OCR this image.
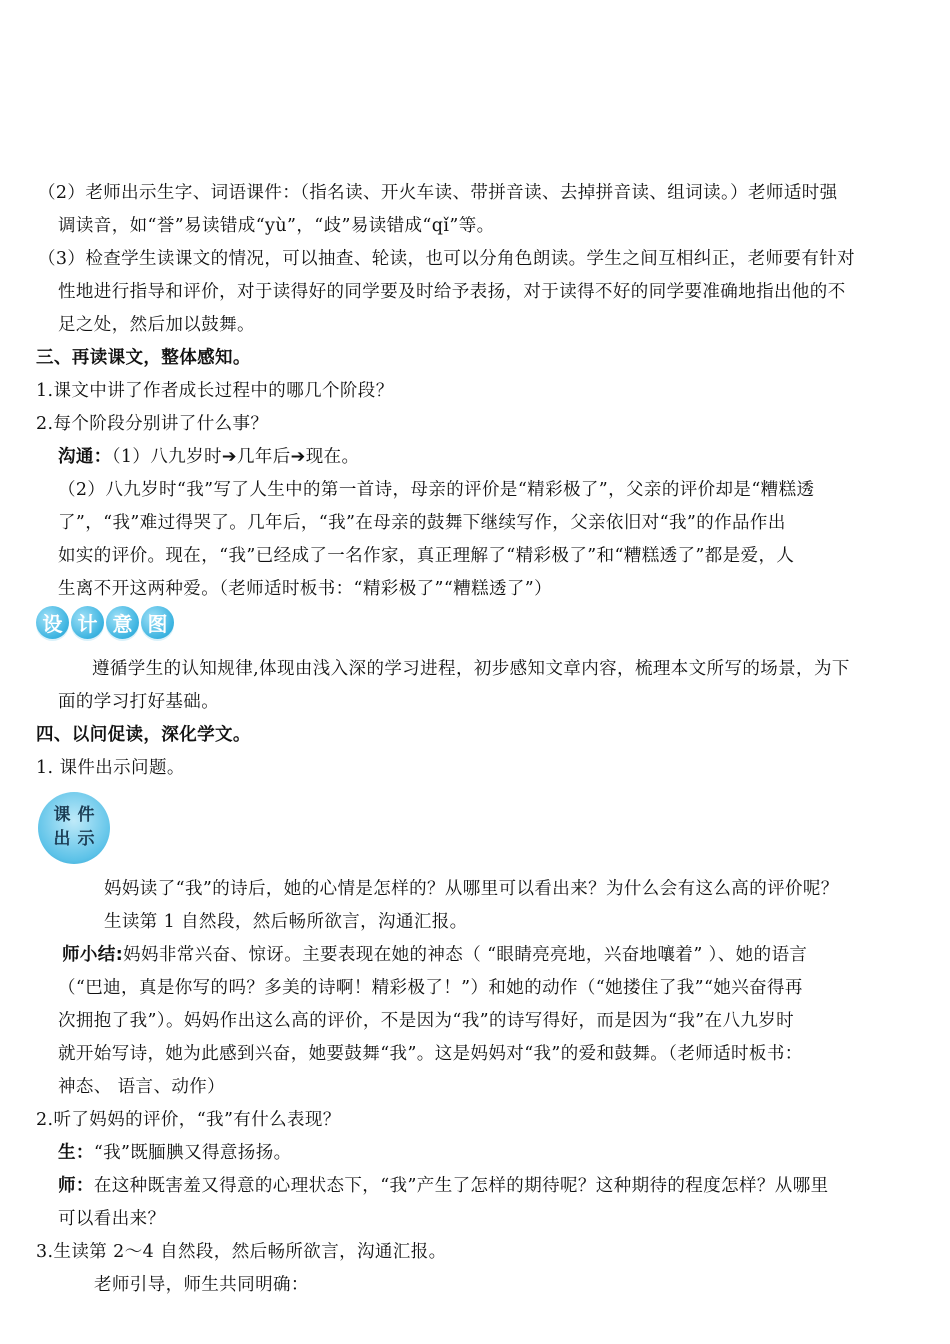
（2）老师出示生字、词语课件：（指名读、开火车读、带拼音读、去掉拼音读、组词读。）老师适时强
调读音，如“誉”易读错成“yù”，“歧”易读错成“qǐ”等。
（3）检查学生读课文的情况，可以抽查、轮读，也可以分角色朗读。学生之间互相纠正，老师要有针对
性地进行指导和评价，对于读得好的同学要及时给予表扬，对于读得不好的同学要准确地指出他的不
足之处，然后加以鼓舞。
三、再读课文，整体感知。
1.课文中讲了作者成长过程中的哪几个阶段？
2.每个阶段分别讲了什么事？
沟通：（1）八九岁时➔几年后➔现在。
（2）八九岁时“我”写了人生中的第一首诗，母亲的评价是“精彩极了”，父亲的评价却是“糟糕透
了”，“我”难过得哭了。几年后，“我”在母亲的鼓舞下继续写作，父亲依旧对“我”的作品作出
如实的评价。现在，“我”已经成了一名作家，真正理解了“精彩极了”和“糟糕透了”都是爱，人
生离不开这两种爱。（老师适时板书：“精彩极了”“糟糕透了”）
设 计 意 图
遵循学生的认知规律,体现由浅入深的学习进程，初步感知文章内容，梳理本文所写的场景，为下
面的学习打好基础。
四、以问促读，深化学文。
1. 课件出示问题。
课 件
出 示
妈妈读了“我”的诗后，她的心情是怎样的？从哪里可以看出来？为什么会有这么高的评价呢？
生读第 1 自然段，然后畅所欲言，沟通汇报。
师小结:妈妈非常兴奋、惊讶。主要表现在她的神态（ “眼睛亮亮地，兴奋地嚷着” ）、她的语言
（“巴迪，真是你写的吗？多美的诗啊！精彩极了！”）和她的动作（“她搂住了我”“她兴奋得再
次拥抱了我”）。妈妈作出这么高的评价，不是因为“我”的诗写得好，而是因为“我”在八九岁时
就开始写诗，她为此感到兴奋，她要鼓舞“我”。这是妈妈对“我”的爱和鼓舞。（老师适时板书：
神态、 语言、动作）
2.听了妈妈的评价，“我”有什么表现？
生：“我”既腼腆又得意扬扬。
师：在这种既害羞又得意的心理状态下，“我”产生了怎样的期待呢？这种期待的程度怎样？从哪里
可以看出来？
3.生读第 2～4 自然段，然后畅所欲言，沟通汇报。
老师引导，师生共同明确：
